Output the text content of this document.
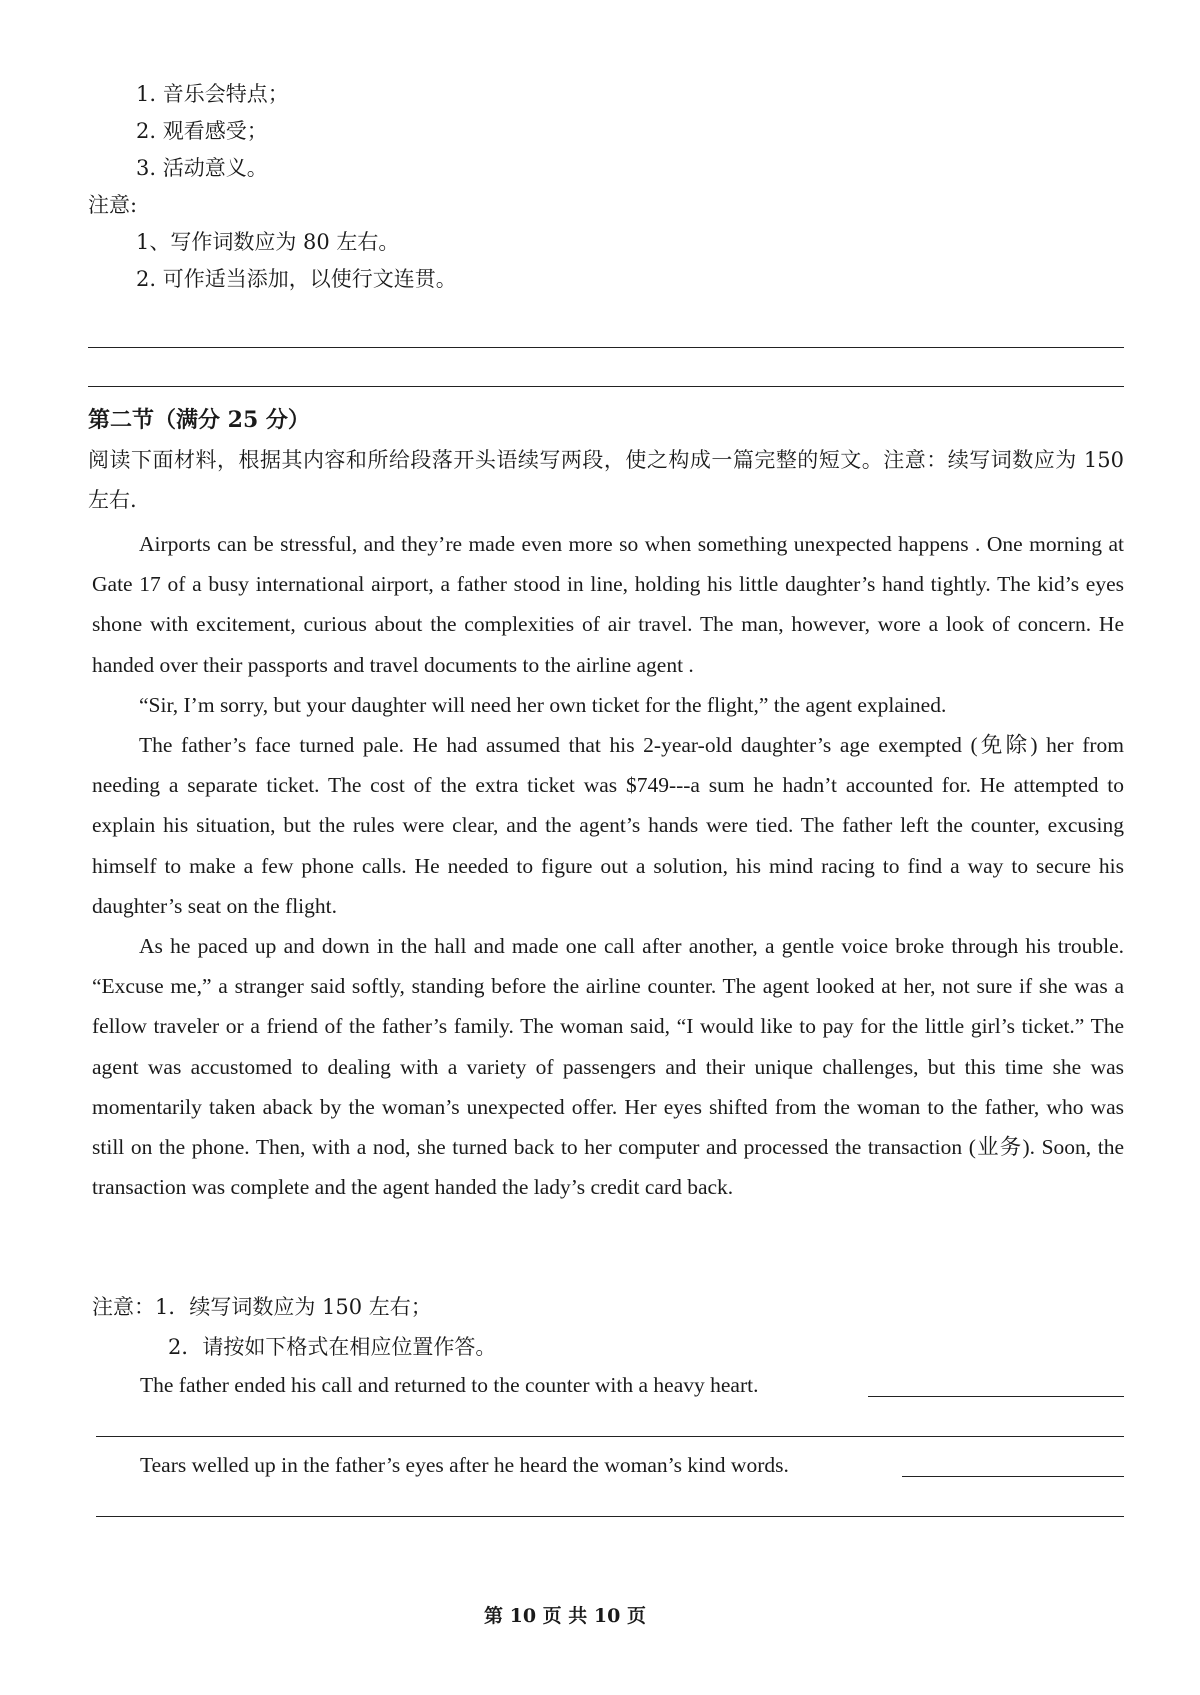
1. 音乐会特点；
2. 观看感受；
3. 活动意义。
注意:
1、写作词数应为 80 左右。
2. 可作适当添加，以使行文连贯。
第二节（满分 25 分）
阅读下面材料，根据其内容和所给段落开头语续写两段，使之构成一篇完整的短文。注意：续写词数应为 150 左右.

Airports can be stressful, and they’re made even more so when something unexpected happens . One morning at Gate 17 of a busy international airport, a father stood in line, holding his little daughter’s hand tightly. The kid’s eyes shone with excitement, curious about the complexities of air travel. The man, however, wore a look of concern. He handed over their passports and travel documents to the airline agent .

“Sir, I’m sorry, but your daughter will need her own ticket for the flight,” the agent explained.

The father’s face turned pale. He had assumed that his 2-year-old daughter’s age exempted (免除) her from needing a separate ticket. The cost of the extra ticket was $749---a sum he hadn’t accounted for. He attempted to explain his situation, but the rules were clear, and the agent’s hands were tied. The father left the counter, excusing himself to make a few phone calls. He needed to figure out a solution, his mind racing to find a way to secure his daughter’s seat on the flight.

As he paced up and down in the hall and made one call after another, a gentle voice broke through his trouble. “Excuse me,” a stranger said softly, standing before the airline counter. The agent looked at her, not sure if she was a fellow traveler or a friend of the father’s family. The woman said, “I would like to pay for the little girl’s ticket.” The agent was accustomed to dealing with a variety of passengers and their unique challenges, but this time she was momentarily taken aback by the woman’s unexpected offer. Her eyes shifted from the woman to the father, who was still on the phone. Then, with a nod, she turned back to her computer and processed the transaction (业务). Soon, the transaction was complete and the agent handed the lady’s credit card back.

注意：1．续写词数应为 150 左右；
2．请按如下格式在相应位置作答。
The father ended his call and returned to the counter with a heavy heart.
Tears welled up in the father’s eyes after he heard the woman’s kind words.
第 10 页 共 10 页
